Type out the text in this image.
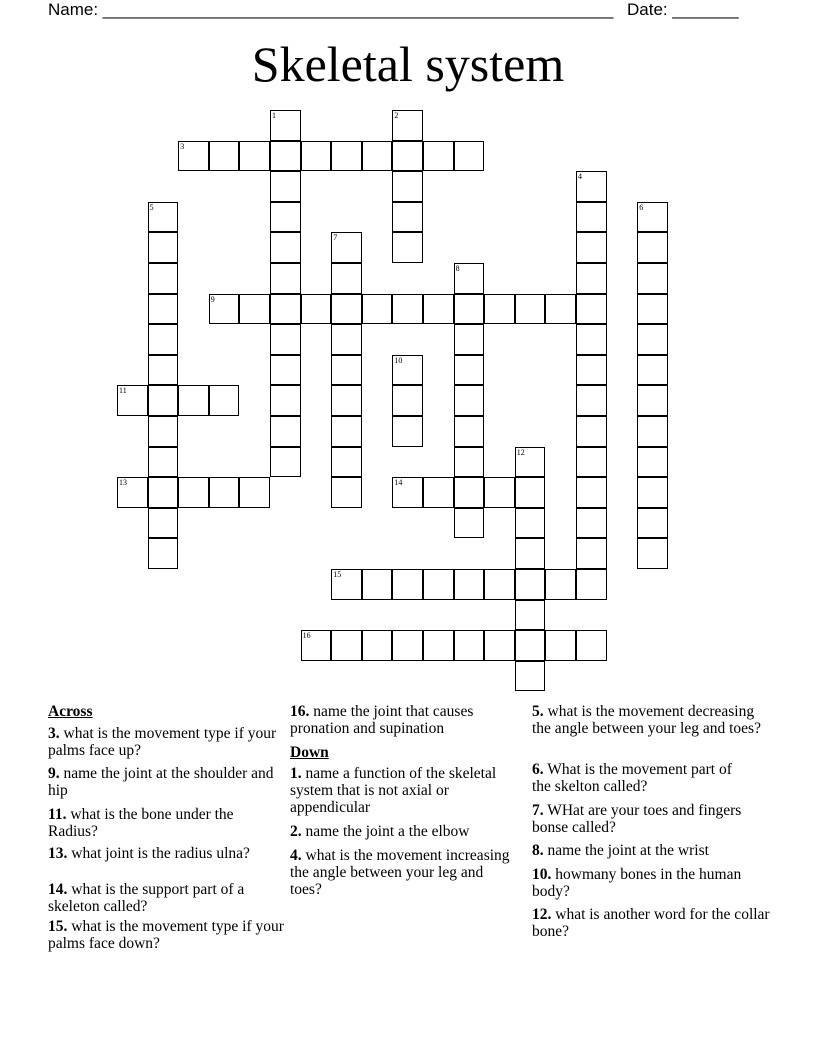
Name: ______________________________________________________ Date: _______
Skeletal system
1	2
3
4
5	6
7
8
9
10
11
12
13	14
15
16
Across
3. what is the movement type if your palms face up?
9. name the joint at the shoulder and hip
11. what is the bone under the Radius?
13. what joint is the radius ulna?
14. what is the support part of a skeleton called?
15. what is the movement type if your palms face down?
16. name the joint that causes pronation and supination
Down
1. name a function of the skeletal system that is not axial or appendicular
2. name the joint a the elbow
4. what is the movement increasing the angle between your leg and toes?
5. what is the movement decreasing the angle between your leg and toes?
6. What is the movement part of the skelton called?
7. WHat are your toes and fingers bonse called?
8. name the joint at the wrist
10. howmany bones in the human body?
12. what is another word for the collar bone?
